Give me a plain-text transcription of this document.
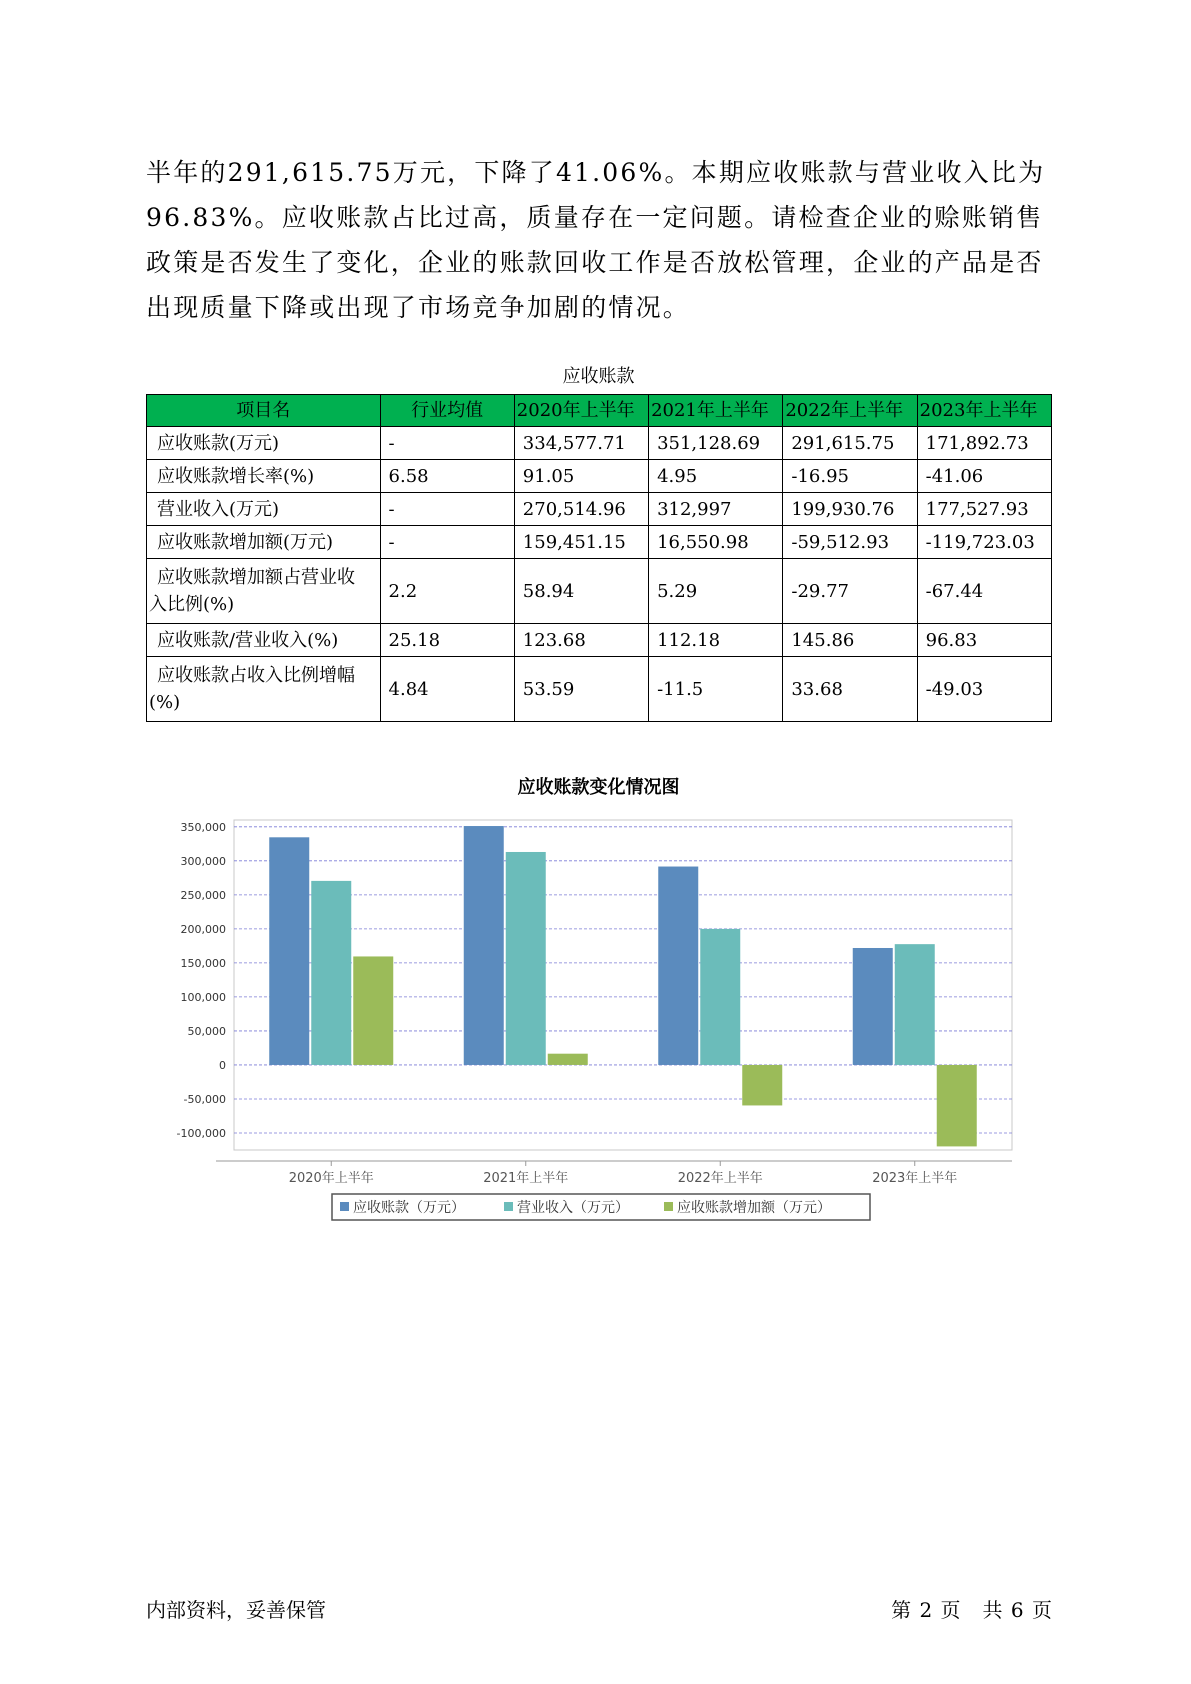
半年的291,615.75万元，下降了41.06%。本期应收账款与营业收入比为96.83%。应收账款占比过高，质量存在一定问题。请检查企业的赊账销售政策是否发生了变化，企业的账款回收工作是否放松管理，企业的产品是否出现质量下降或出现了市场竞争加剧的情况。

应收账款
项目名	行业均值	2020年上半年	2021年上半年	2022年上半年	2023年上半年
应收账款(万元)	-	334,577.71	351,128.69	291,615.75	171,892.73
应收账款增长率(%)	6.58	91.05	4.95	-16.95	-41.06
营业收入(万元)	-	270,514.96	312,997	199,930.76	177,527.93
应收账款增加额(万元)	-	159,451.15	16,550.98	-59,512.93	-119,723.03
应收账款增加额占营业收入比例(%)	2.2	58.94	5.29	-29.77	-67.44
应收账款/营业收入(%)	25.18	123.68	112.18	145.86	96.83
应收账款占收入比例增幅(%)	4.84	53.59	-11.5	33.68	-49.03
应收账款变化情况图
350,000
300,000
250,000
200,000
150,000
100,000
50,000
0
-50,000
-100,000
2020年上半年	2021年上半年	2022年上半年	2023年上半年
应收账款（万元）	营业收入（万元）	应收账款增加额（万元）
内部资料，妥善保管	第 2 页　共 6 页
